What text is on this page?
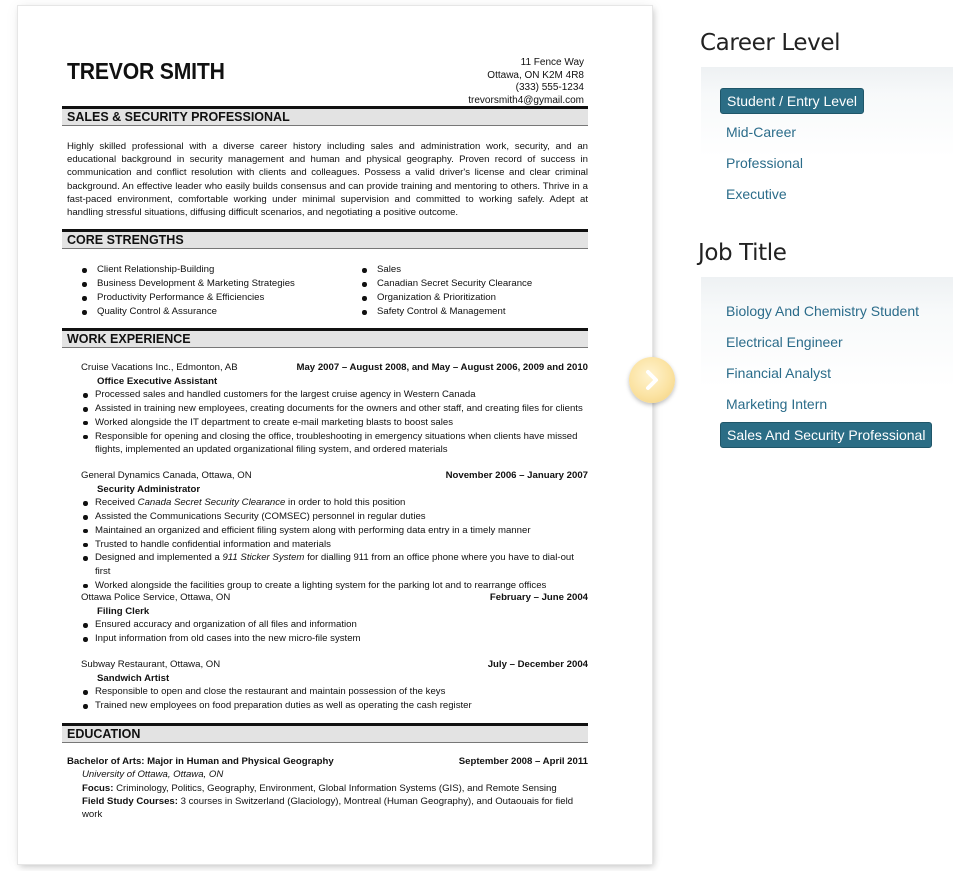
TREVOR SMITH	11 Fence Way
Ottawa, ON K2M 4R8
(333) 555-1234
trevorsmith4@gymail.com
SALES & SECURITY PROFESSIONAL
Highly skilled professional with a diverse career history including sales and administration work, security, and an educational background in security management and human and physical geography. Proven record of success in communication and conflict resolution with clients and colleagues. Possess a valid driver's license and clear criminal background. An effective leader who easily builds consensus and can provide training and mentoring to others. Thrive in a fast-paced environment, comfortable working under minimal supervision and committed to working safely. Adept at handling stressful situations, diffusing difficult scenarios, and negotiating a positive outcome.
CORE STRENGTHS
Client Relationship-Building
Business Development & Marketing Strategies
Productivity Performance & Efficiencies
Quality Control & Assurance
Sales
Canadian Secret Security Clearance
Organization & Prioritization
Safety Control & Management
WORK EXPERIENCE
Cruise Vacations Inc., Edmonton, AB	May 2007 – August 2008, and May – August 2006, 2009 and 2010
Office Executive Assistant
Processed sales and handled customers for the largest cruise agency in Western Canada
Assisted in training new employees, creating documents for the owners and other staff, and creating files for clients
Worked alongside the IT department to create e-mail marketing blasts to boost sales
Responsible for opening and closing the office, troubleshooting in emergency situations when clients have missed flights, implemented an updated organizational filing system, and ordered materials
General Dynamics Canada, Ottawa, ON	November 2006 – January 2007
Security Administrator
Received Canada Secret Security Clearance in order to hold this position
Assisted the Communications Security (COMSEC) personnel in regular duties
Maintained an organized and efficient filing system along with performing data entry in a timely manner
Trusted to handle confidential information and materials
Designed and implemented a 911 Sticker System for dialling 911 from an office phone where you have to dial-out first
Worked alongside the facilities group to create a lighting system for the parking lot and to rearrange offices
Ottawa Police Service, Ottawa, ON	February – June 2004
Filing Clerk
Ensured accuracy and organization of all files and information
Input information from old cases into the new micro-file system
Subway Restaurant, Ottawa, ON	July – December 2004
Sandwich Artist
Responsible to open and close the restaurant and maintain possession of the keys
Trained new employees on food preparation duties as well as operating the cash register
EDUCATION
Bachelor of Arts: Major in Human and Physical Geography	September 2008 – April 2011
University of Ottawa, Ottawa, ON
Focus: Criminology, Politics, Geography, Environment, Global Information Systems (GIS), and Remote Sensing
Field Study Courses: 3 courses in Switzerland (Glaciology), Montreal (Human Geography), and Outaouais for field work
Career Level
Student / Entry Level
Mid-Career
Professional
Executive
Job Title
Biology And Chemistry Student
Electrical Engineer
Financial Analyst
Marketing Intern
Sales And Security Professional
